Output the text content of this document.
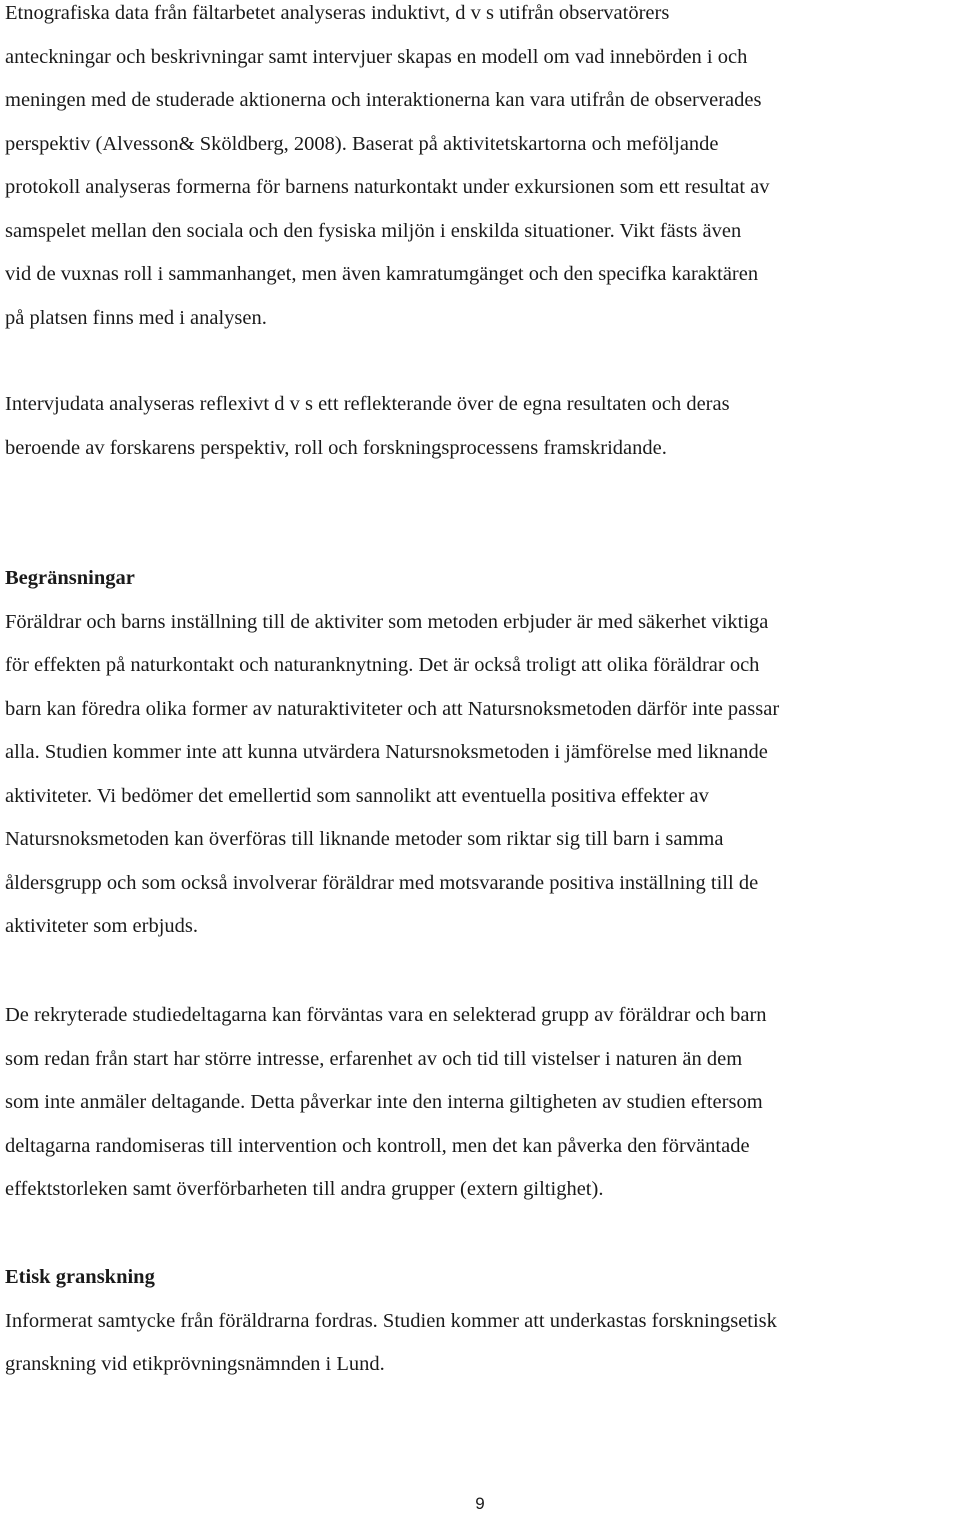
Etnografiska data från fältarbetet analyseras induktivt, d v s utifrån observatörers
anteckningar och beskrivningar samt intervjuer skapas en modell om vad innebörden i och
meningen med de studerade aktionerna och interaktionerna kan vara utifrån de observerades
perspektiv (Alvesson& Sköldberg, 2008). Baserat på aktivitetskartorna och meföljande
protokoll analyseras formerna för barnens naturkontakt under exkursionen som ett resultat av
samspelet mellan den sociala och den fysiska miljön i enskilda situationer. Vikt fästs även
vid de vuxnas roll i sammanhanget, men även kamratumgänget och den specifka karaktären
på platsen finns med i analysen.
Intervjudata analyseras reflexivt d v s ett reflekterande över de egna resultaten och deras
beroende av forskarens perspektiv, roll och forskningsprocessens framskridande.
Begränsningar
Föräldrar och barns inställning till de aktiviter som metoden erbjuder är med säkerhet viktiga
för effekten på naturkontakt och naturanknytning. Det är också troligt att olika föräldrar och
barn kan föredra olika former av naturaktiviteter och att Natursnoksmetoden därför inte passar
alla. Studien kommer inte att kunna utvärdera Natursnoksmetoden i jämförelse med liknande
aktiviteter. Vi bedömer det emellertid som sannolikt att eventuella positiva effekter av
Natursnoksmetoden kan överföras till liknande metoder som riktar sig till barn i samma
åldersgrupp och som också involverar föräldrar med motsvarande positiva inställning till de
aktiviteter som erbjuds.
De rekryterade studiedeltagarna kan förväntas vara en selekterad grupp av föräldrar och barn
som redan från start har större intresse, erfarenhet av och tid till vistelser i naturen än dem
som inte anmäler deltagande. Detta påverkar inte den interna giltigheten av studien eftersom
deltagarna randomiseras till intervention och kontroll, men det kan påverka den förväntade
effektstorleken samt överförbarheten till andra grupper (extern giltighet).
Etisk granskning
Informerat samtycke från föräldrarna fordras. Studien kommer att underkastas forskningsetisk
granskning vid etikprövningsnämnden i Lund.
9
